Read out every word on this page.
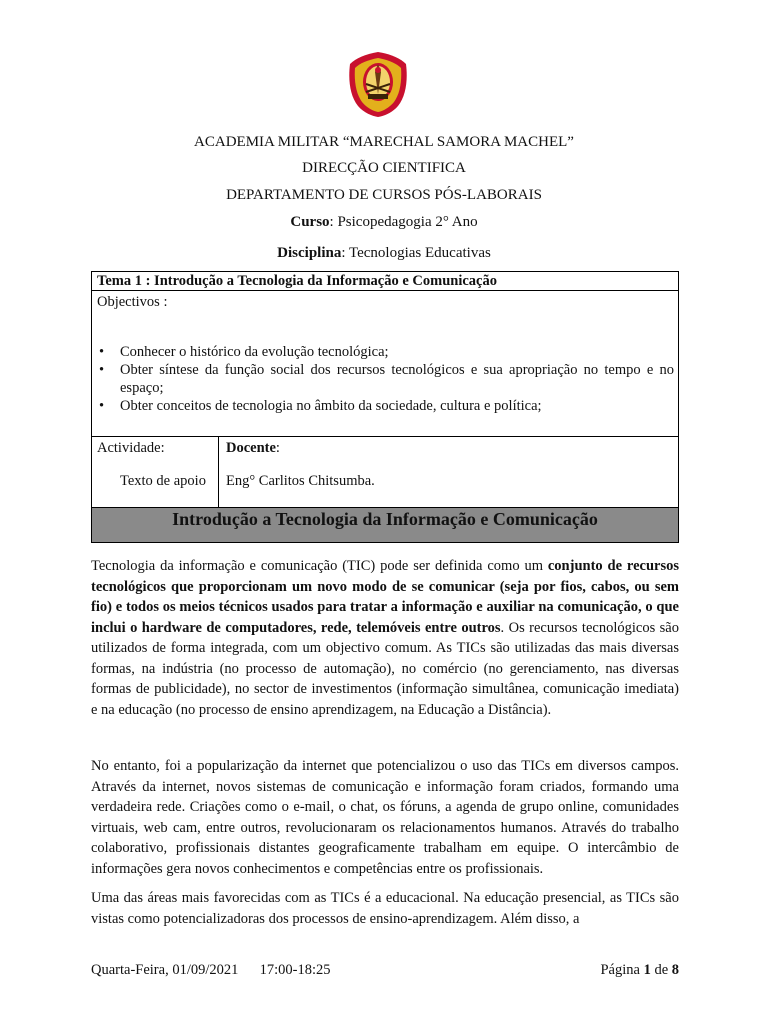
ACADEMIA MILITAR “MARECHAL SAMORA MACHEL”
DIRECÇÃO CIENTIFICA
DEPARTAMENTO DE CURSOS PÓS-LABORAIS
Curso: Psicopedagogia 2° Ano
Disciplina: Tecnologias Educativas
Tema 1 : Introdução a Tecnologia da Informação e Comunicação
Objectivos :
• Conhecer o histórico da evolução tecnológica;
• Obter síntese da função social dos recursos tecnológicos e sua apropriação no tempo e no espaço;
• Obter conceitos de tecnologia no âmbito da sociedade, cultura e política;
Actividade:
Texto de apoio
Docente:
Eng° Carlitos Chitsumba.
Introdução a Tecnologia da Informação e Comunicação

Tecnologia da informação e comunicação (TIC) pode ser definida como um conjunto de recursos tecnológicos que proporcionam um novo modo de se comunicar (seja por fios, cabos, ou sem fio) e todos os meios técnicos usados para tratar a informação e auxiliar na comunicação, o que inclui o hardware de computadores, rede, telemóveis entre outros. Os recursos tecnológicos são utilizados de forma integrada, com um objectivo comum. As TICs são utilizadas das mais diversas formas, na indústria (no processo de automação), no comércio (no gerenciamento, nas diversas formas de publicidade), no sector de investimentos (informação simultânea, comunicação imediata) e na educação (no processo de ensino aprendizagem, na Educação a Distância).

No entanto, foi a popularização da internet que potencializou o uso das TICs em diversos campos. Através da internet, novos sistemas de comunicação e informação foram criados, formando uma verdadeira rede. Criações como o e-mail, o chat, os fóruns, a agenda de grupo online, comunidades virtuais, web cam, entre outros, revolucionaram os relacionamentos humanos. Através do trabalho colaborativo, profissionais distantes geograficamente trabalham em equipe. O intercâmbio de informações gera novos conhecimentos e competências entre os profissionais.

Uma das áreas mais favorecidas com as TICs é a educacional. Na educação presencial, as TICs são vistas como potencializadoras dos processos de ensino-aprendizagem. Além disso, a

Quarta-Feira, 01/09/2021 17:00-18:25	Página 1 de 8
